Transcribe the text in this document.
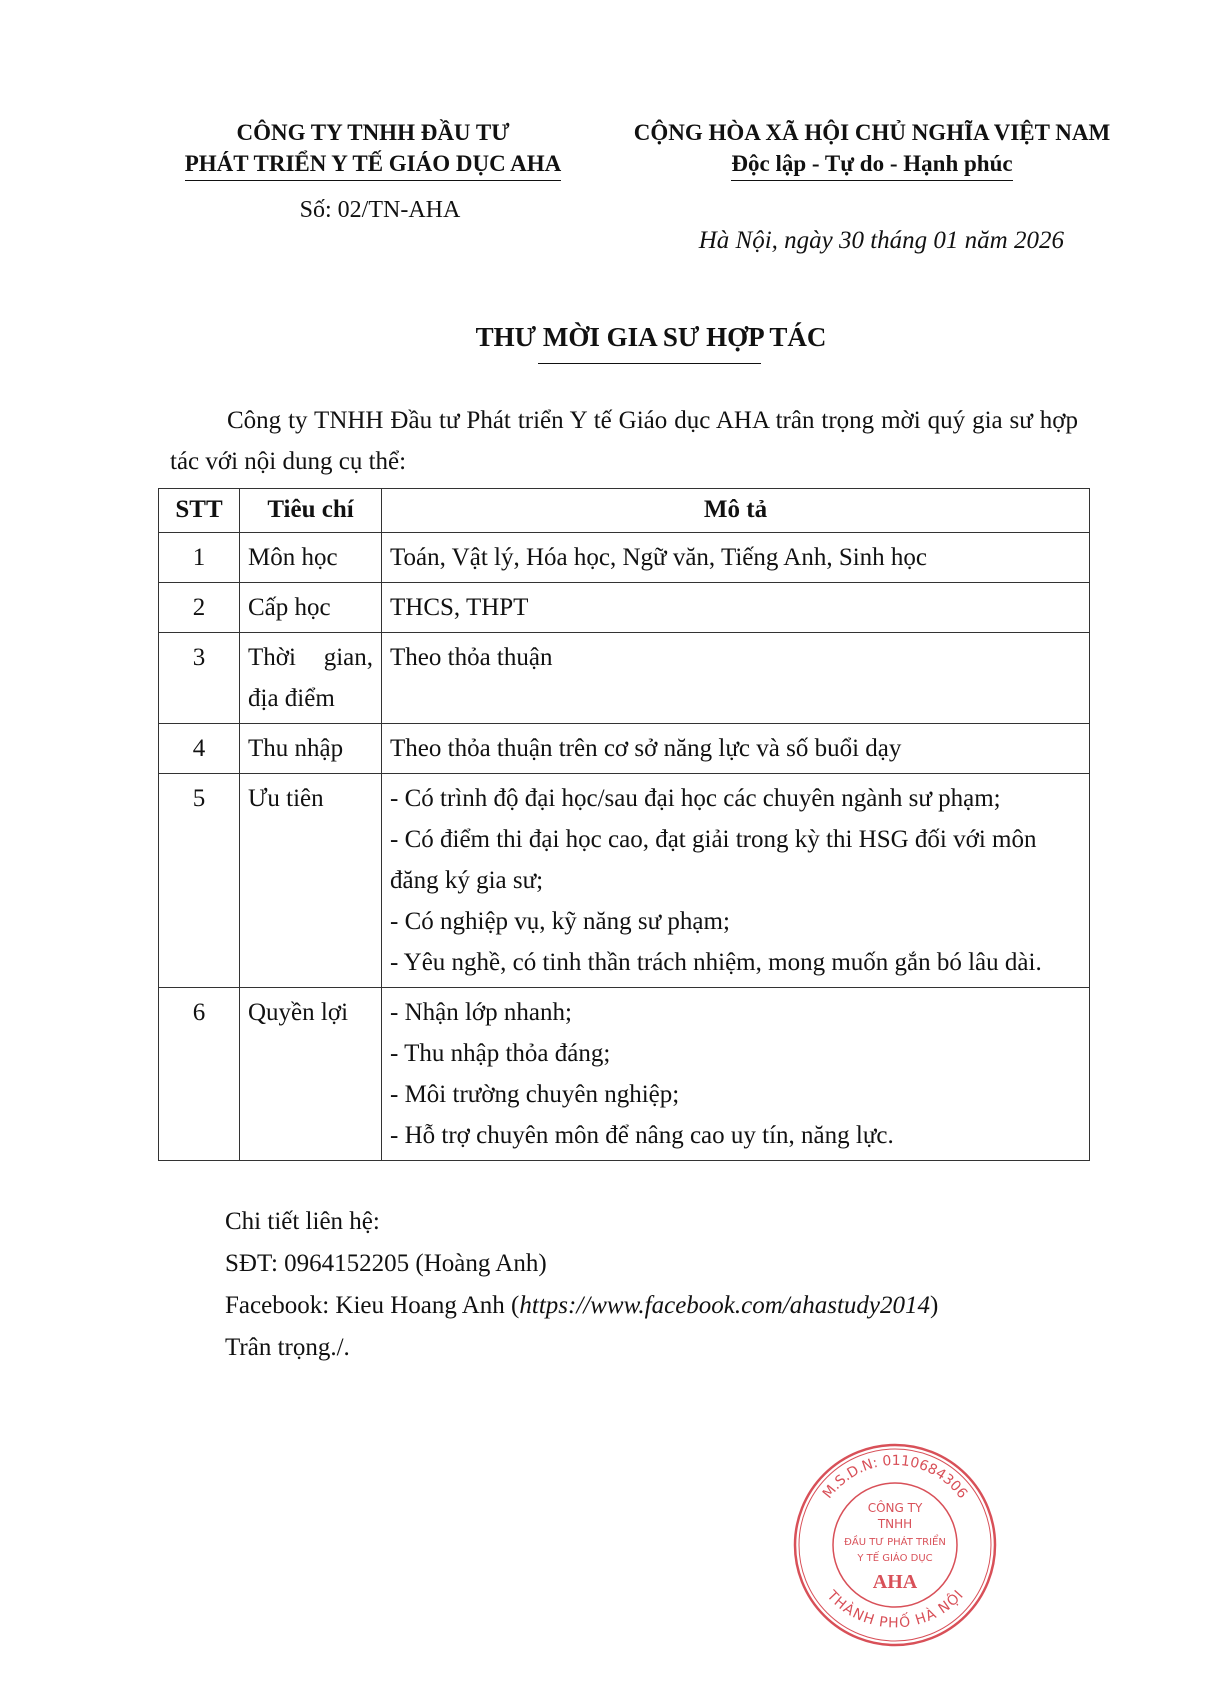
CÔNG TY TNHH ĐẦU TƯ
PHÁT TRIỂN Y TẾ GIÁO DỤC AHA
Số: 02/TN-AHA
CỘNG HÒA XÃ HỘI CHỦ NGHĨA VIỆT NAM
Độc lập - Tự do - Hạnh phúc
Hà Nội, ngày 30 tháng 01 năm 2026
M.S.D.N: 0110684306
THÀNH PHỐ HÀ NỘI
CÔNG TY
TNHH
ĐẦU TƯ PHÁT TRIỂN
Y TẾ GIÁO DỤC
AHA
THƯ MỜI GIA SƯ HỢP TÁC
Công ty TNHH Đầu tư Phát triển Y tế Giáo dục AHA trân trọng mời quý gia sư hợp tác với nội dung cụ thể:
STT	Tiêu chí	Mô tả
1	Môn học	Toán, Vật lý, Hóa học, Ngữ văn, Tiếng Anh, Sinh học

2	Cấp học	THCS, THPT

3	Thời gian, địa điểm	Theo thỏa thuận

4	Thu nhập	Theo thỏa thuận trên cơ sở năng lực và số buổi dạy

5	Ưu tiên	- Có trình độ đại học/sau đại học các chuyên ngành sư phạm;
- Có điểm thi đại học cao, đạt giải trong kỳ thi HSG đối với môn đăng ký gia sư;
- Có nghiệp vụ, kỹ năng sư phạm;
- Yêu nghề, có tinh thần trách nhiệm, mong muốn gắn bó lâu dài.

6	Quyền lợi	- Nhận lớp nhanh;
- Thu nhập thỏa đáng;
- Môi trường chuyên nghiệp;
- Hỗ trợ chuyên môn để nâng cao uy tín, năng lực.
Chi tiết liên hệ:
SĐT: 0964152205 (Hoàng Anh)
Facebook: Kieu Hoang Anh (https://www.facebook.com/ahastudy2014)
Trân trọng./.
